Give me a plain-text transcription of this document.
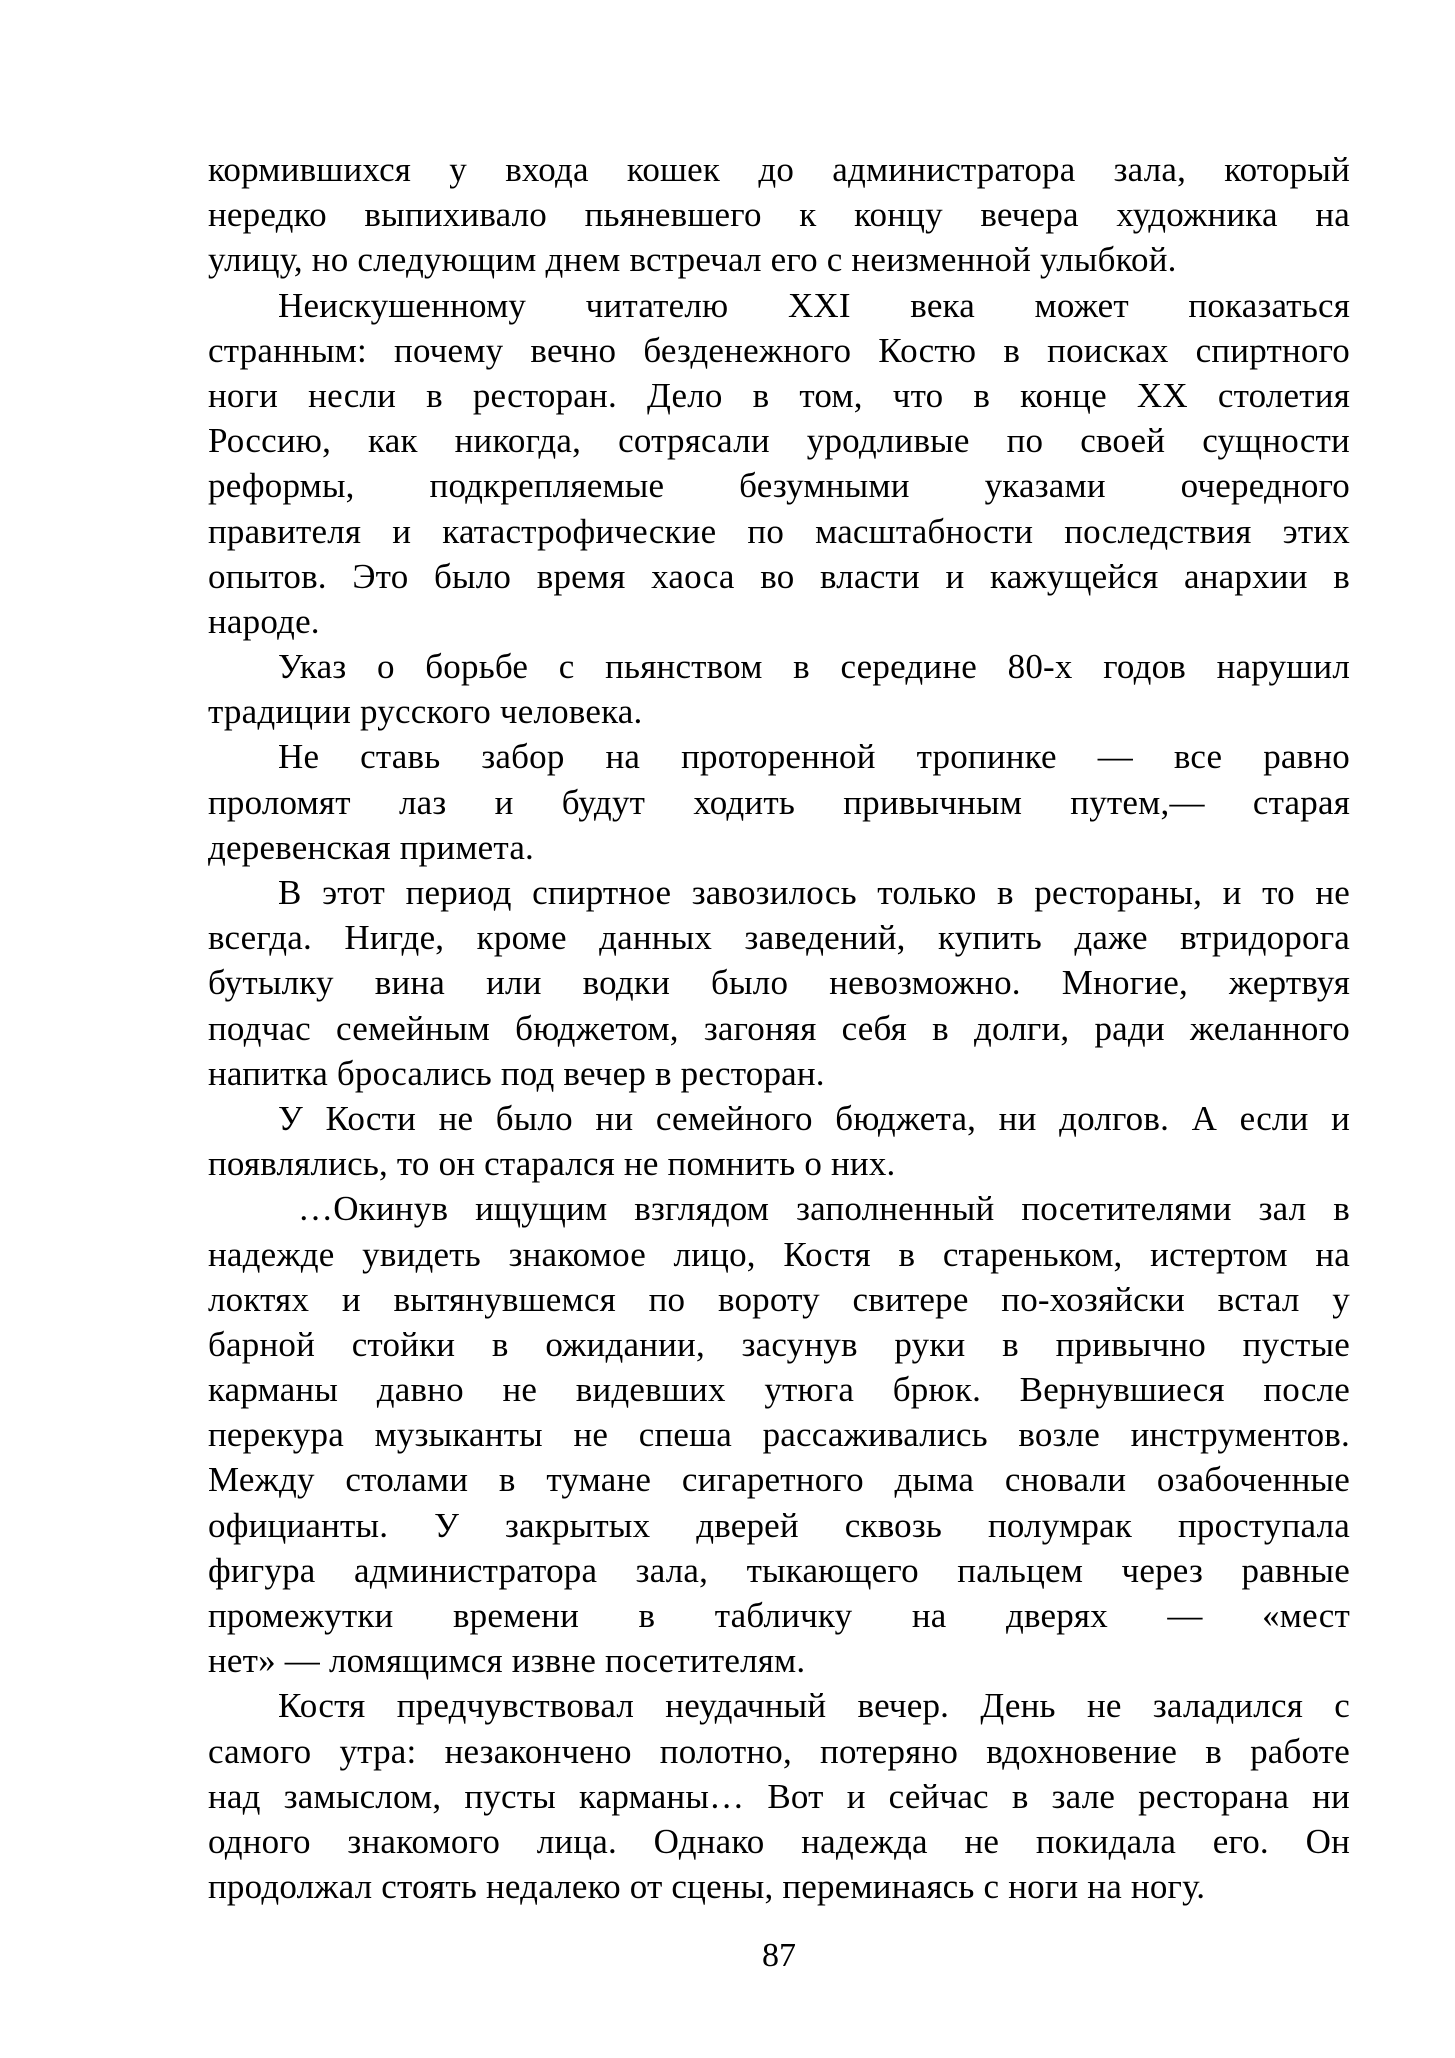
кормившихся у входа кошек до администратора зала, который
нередко выпихивало пьяневшего к концу вечера художника на
улицу, но следующим днем встречал его с неизменной улыбкой.
Неискушенному читателю XXI века может показаться
странным: почему вечно безденежного Костю в поисках спиртного
ноги несли в ресторан. Дело в том, что в конце XX столетия
Россию, как никогда, сотрясали уродливые по своей сущности
реформы, подкрепляемые безумными указами очередного
правителя и катастрофические по масштабности последствия этих
опытов. Это было время хаоса во власти и кажущейся анархии в
народе.
Указ о борьбе с пьянством в середине 80-х годов нарушил
традиции русского человека.
Не ставь забор на проторенной тропинке — все равно
проломят лаз и будут ходить привычным путем,— старая
деревенская примета.
В этот период спиртное завозилось только в рестораны, и то не
всегда. Нигде, кроме данных заведений, купить даже втридорога
бутылку вина или водки было невозможно. Многие, жертвуя
подчас семейным бюджетом, загоняя себя в долги, ради желанного
напитка бросались под вечер в ресторан.
У Кости не было ни семейного бюджета, ни долгов. А если и
появлялись, то он старался не помнить о них.
…Окинув ищущим взглядом заполненный посетителями зал в
надежде увидеть знакомое лицо, Костя в стареньком, истертом на
локтях и вытянувшемся по вороту свитере по-хозяйски встал у
барной стойки в ожидании, засунув руки в привычно пустые
карманы давно не видевших утюга брюк. Вернувшиеся после
перекура музыканты не спеша рассаживались возле инструментов.
Между столами в тумане сигаретного дыма сновали озабоченные
официанты. У закрытых дверей сквозь полумрак проступала
фигура администратора зала, тыкающего пальцем через равные
промежутки времени в табличку на дверях — «мест
нет» — ломящимся извне посетителям.
Костя предчувствовал неудачный вечер. День не заладился с
самого утра: незакончено полотно, потеряно вдохновение в работе
над замыслом, пусты карманы… Вот и сейчас в зале ресторана ни
одного знакомого лица. Однако надежда не покидала его. Он
продолжал стоять недалеко от сцены, переминаясь с ноги на ногу.
87
